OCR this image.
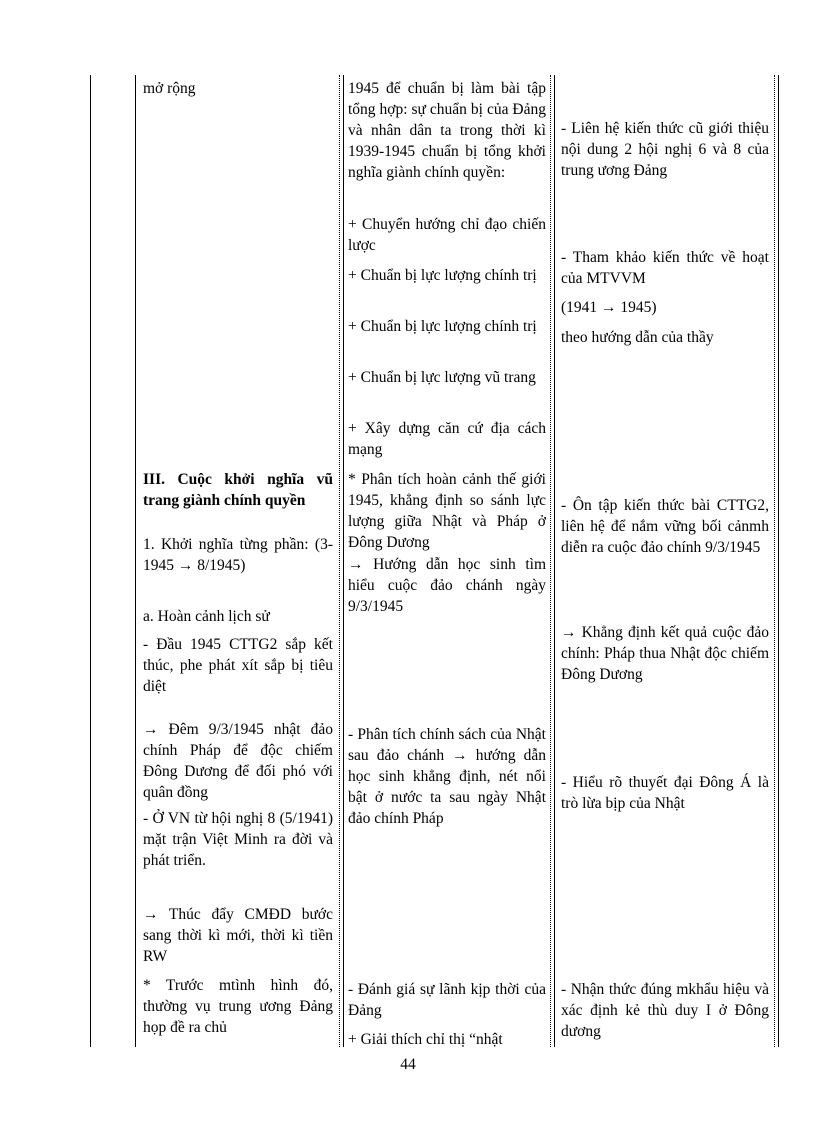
mở rộng

III. Cuộc khởi nghĩa vũ trang giành chính quyền

1. Khởi nghĩa từng phần: (3-1945 → 8/1945)

a. Hoàn cảnh lịch sử

- Đầu 1945 CTTG2 sắp kết thúc, phe phát xít sắp bị tiêu diệt

→ Đêm 9/3/1945 nhật đảo chính Pháp để độc chiếm Đông Dương để đối phó với quân đồng

- Ở VN từ hội nghị 8 (5/1941) mặt trận Việt Minh ra đời và phát triển.

→ Thúc đẩy CMĐD bước sang thời kì mới, thời kì tiền RW

* Trước mtình hình đó, thường vụ trung ương Đảng họp đề ra chủ

1945 để chuẩn bị làm bài tập tổng hợp: sự chuẩn bị của Đảng và nhân dân ta trong thời kì 1939-1945 chuẩn bị tổng khởi nghĩa giành chính quyền:

+ Chuyển hướng chỉ đạo chiến lược

+ Chuẩn bị lực lượng chính trị

+ Chuẩn bị lực lượng chính trị

+ Chuẩn bị lực lượng vũ trang

+ Xây dựng căn cứ địa cách mạng

* Phân tích hoàn cảnh thế giới 1945, khẳng định so sánh lực lượng giữa Nhật và Pháp ở Đông Dương

→ Hướng dẫn học sinh tìm hiểu cuộc đảo chánh ngày 9/3/1945

- Phân tích chính sách của Nhật sau đảo chánh → hướng dẫn học sinh khẳng định, nét nổi bật ở nước ta sau ngày Nhật đảo chính Pháp

- Đánh giá sự lãnh kịp thời của Đảng

+ Giải thích chỉ thị “nhật

- Liên hệ kiến thức cũ giới thiệu nội dung 2 hội nghị 6 và 8 của trung ương Đảng

- Tham khảo kiến thức về hoạt của MTVVM

(1941 → 1945)

theo hướng dẫn của thầy

- Ôn tập kiến thức bài CTTG2, liên hệ để nắm vững bối cảnmh diễn ra cuộc đảo chính 9/3/1945

→ Khẳng định kết quả cuộc đảo chính: Pháp thua Nhật độc chiếm Đông Dương

- Hiểu rõ thuyết đại Đông Á là trò lừa bịp của Nhật

- Nhận thức đúng mkhẩu hiệu và xác định kẻ thù duy I ở Đông dương

44
